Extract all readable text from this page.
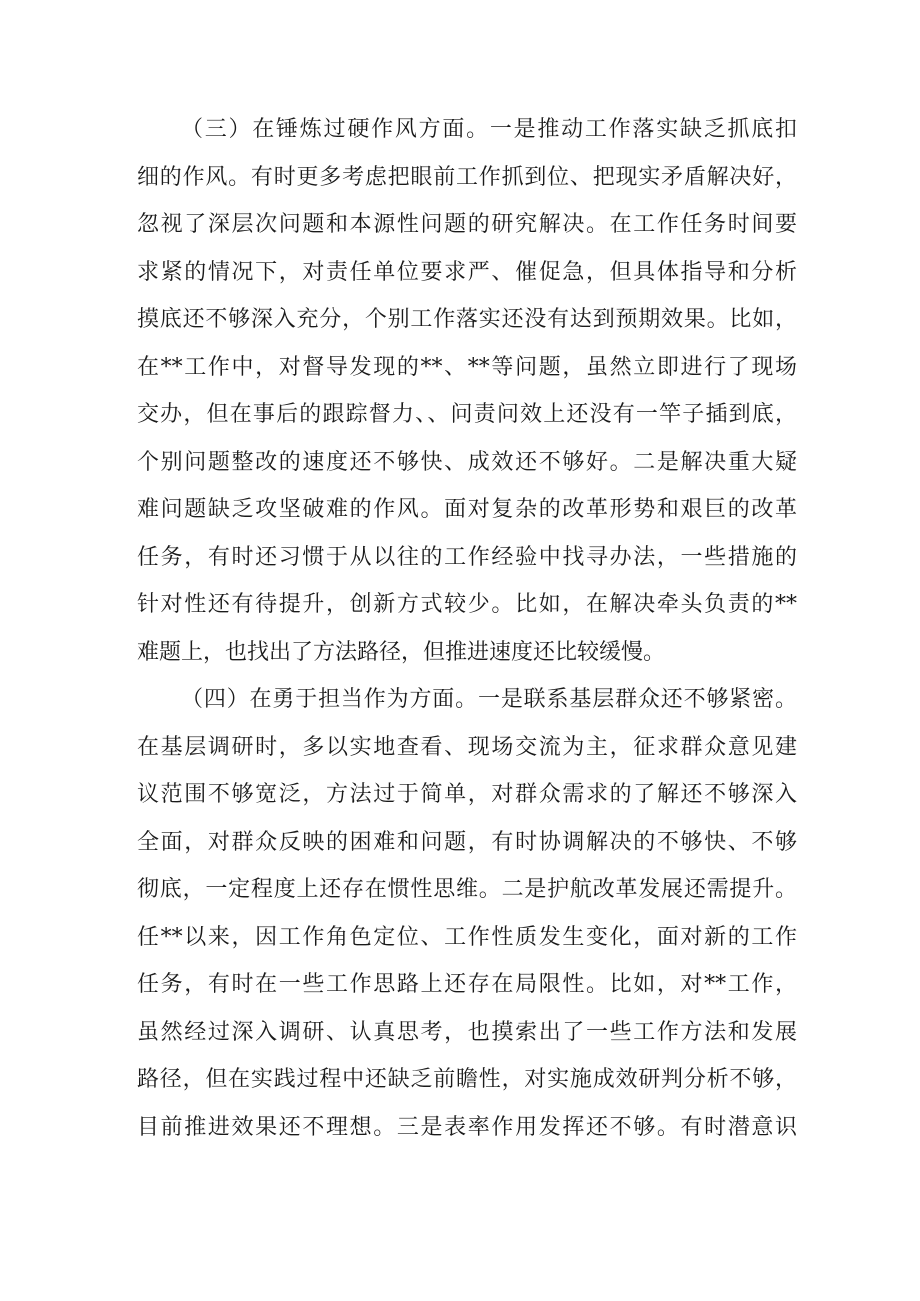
（三）在锤炼过硬作风方面。一是推动工作落实缺乏抓底扣
细的作风。有时更多考虑把眼前工作抓到位、把现实矛盾解决好，
忽视了深层次问题和本源性问题的研究解决。在工作任务时间要
求紧的情况下，对责任单位要求严、催促急，但具体指导和分析
摸底还不够深入充分，个别工作落实还没有达到预期效果。比如，
在**工作中，对督导发现的**、**等问题，虽然立即进行了现场
交办，但在事后的跟踪督力、、问责问效上还没有一竿子插到底，
个别问题整改的速度还不够快、成效还不够好。二是解决重大疑
难问题缺乏攻坚破难的作风。面对复杂的改革形势和艰巨的改革
任务，有时还习惯于从以往的工作经验中找寻办法，一些措施的
针对性还有待提升，创新方式较少。比如，在解决牵头负责的**
难题上，也找出了方法路径，但推进速度还比较缓慢。
（四）在勇于担当作为方面。一是联系基层群众还不够紧密。
在基层调研时，多以实地查看、现场交流为主，征求群众意见建
议范围不够宽泛，方法过于简单，对群众需求的了解还不够深入
全面，对群众反映的困难和问题，有时协调解决的不够快、不够
彻底，一定程度上还存在惯性思维。二是护航改革发展还需提升。
任**以来，因工作角色定位、工作性质发生变化，面对新的工作
任务，有时在一些工作思路上还存在局限性。比如，对**工作，
虽然经过深入调研、认真思考，也摸索出了一些工作方法和发展
路径，但在实践过程中还缺乏前瞻性，对实施成效研判分析不够，
目前推进效果还不理想。三是表率作用发挥还不够。有时潜意识
